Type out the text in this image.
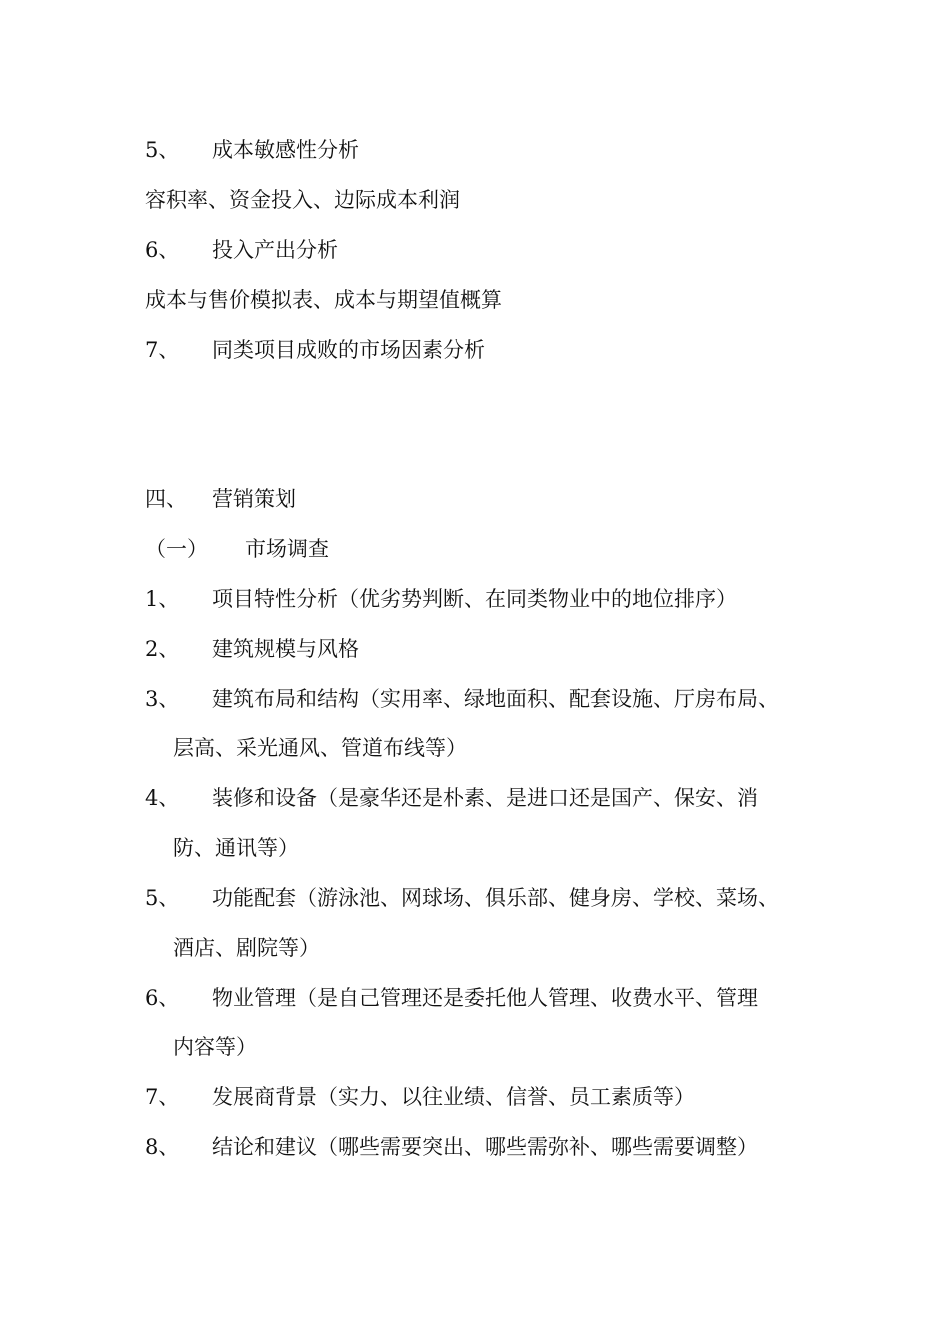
5、	成本敏感性分析
容积率、资金投入、边际成本利润
6、	投入产出分析
成本与售价模拟表、成本与期望值概算
7、	同类项目成败的市场因素分析
四、	营销策划
（一） 市场调查
1、	项目特性分析（优劣势判断、在同类物业中的地位排序）
2、	建筑规模与风格
3、	建筑布局和结构（实用率、绿地面积、配套设施、厅房布局、
层高、采光通风、管道布线等）
4、	装修和设备（是豪华还是朴素、是进口还是国产、保安、消
防、通讯等）
5、	功能配套（游泳池、网球场、俱乐部、健身房、学校、菜场、
酒店、剧院等）
6、	物业管理（是自己管理还是委托他人管理、收费水平、管理
内容等）
7、	发展商背景（实力、以往业绩、信誉、员工素质等）
8、	结论和建议（哪些需要突出、哪些需弥补、哪些需要调整）
